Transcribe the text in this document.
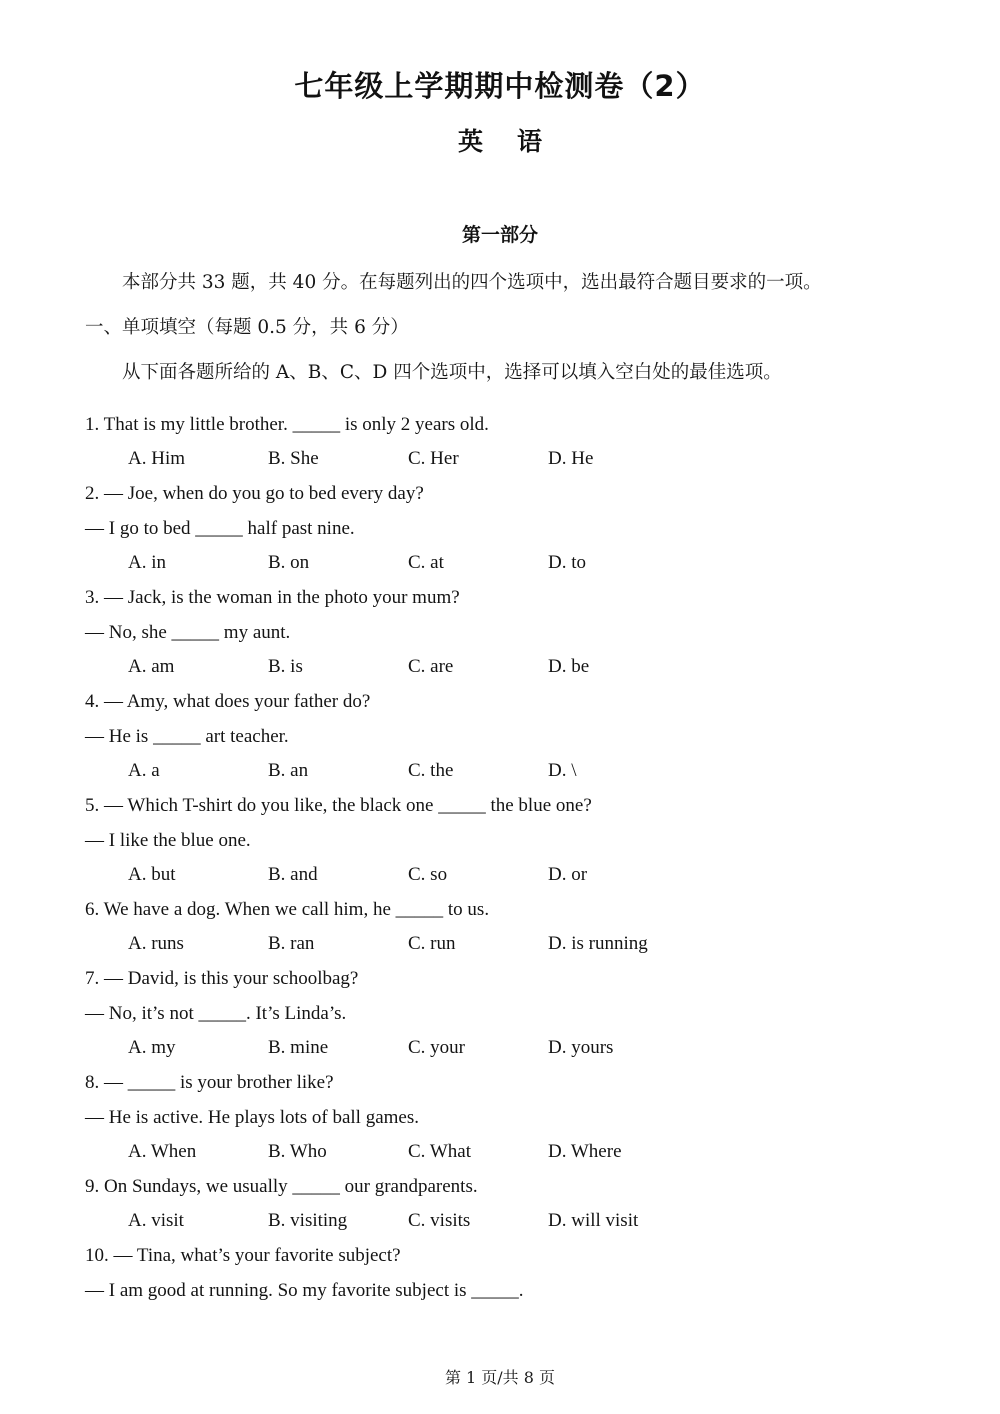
七年级上学期期中检测卷（2）
英 语
第一部分

本部分共 33 题，共 40 分。在每题列出的四个选项中，选出最符合题目要求的一项。

一、单项填空（每题 0.5 分，共 6 分）

从下面各题所给的 A、B、C、D 四个选项中，选择可以填入空白处的最佳选项。

1. That is my little brother. _____ is only 2 years old.
A. Him	B. She	C. Her	D. He
2. — Joe, when do you go to bed every day?
— I go to bed _____ half past nine.
A. in	B. on	C. at	D. to
3. — Jack, is the woman in the photo your mum?
— No, she _____ my aunt.
A. am	B. is	C. are	D. be
4. — Amy, what does your father do?
— He is _____ art teacher.
A. a	B. an	C. the	D. \
5. — Which T-shirt do you like, the black one _____ the blue one?
— I like the blue one.
A. but	B. and	C. so	D. or
6. We have a dog. When we call him, he _____ to us.
A. runs	B. ran	C. run	D. is running
7. — David, is this your schoolbag?
— No, it’s not _____. It’s Linda’s.
A. my	B. mine	C. your	D. yours
8. — _____ is your brother like?
— He is active. He plays lots of ball games.
A. When	B. Who	C. What	D. Where
9. On Sundays, we usually _____ our grandparents.
A. visit	B. visiting	C. visits	D. will visit
10. — Tina, what’s your favorite subject?
— I am good at running. So my favorite subject is _____.
第 1 页/共 8 页
